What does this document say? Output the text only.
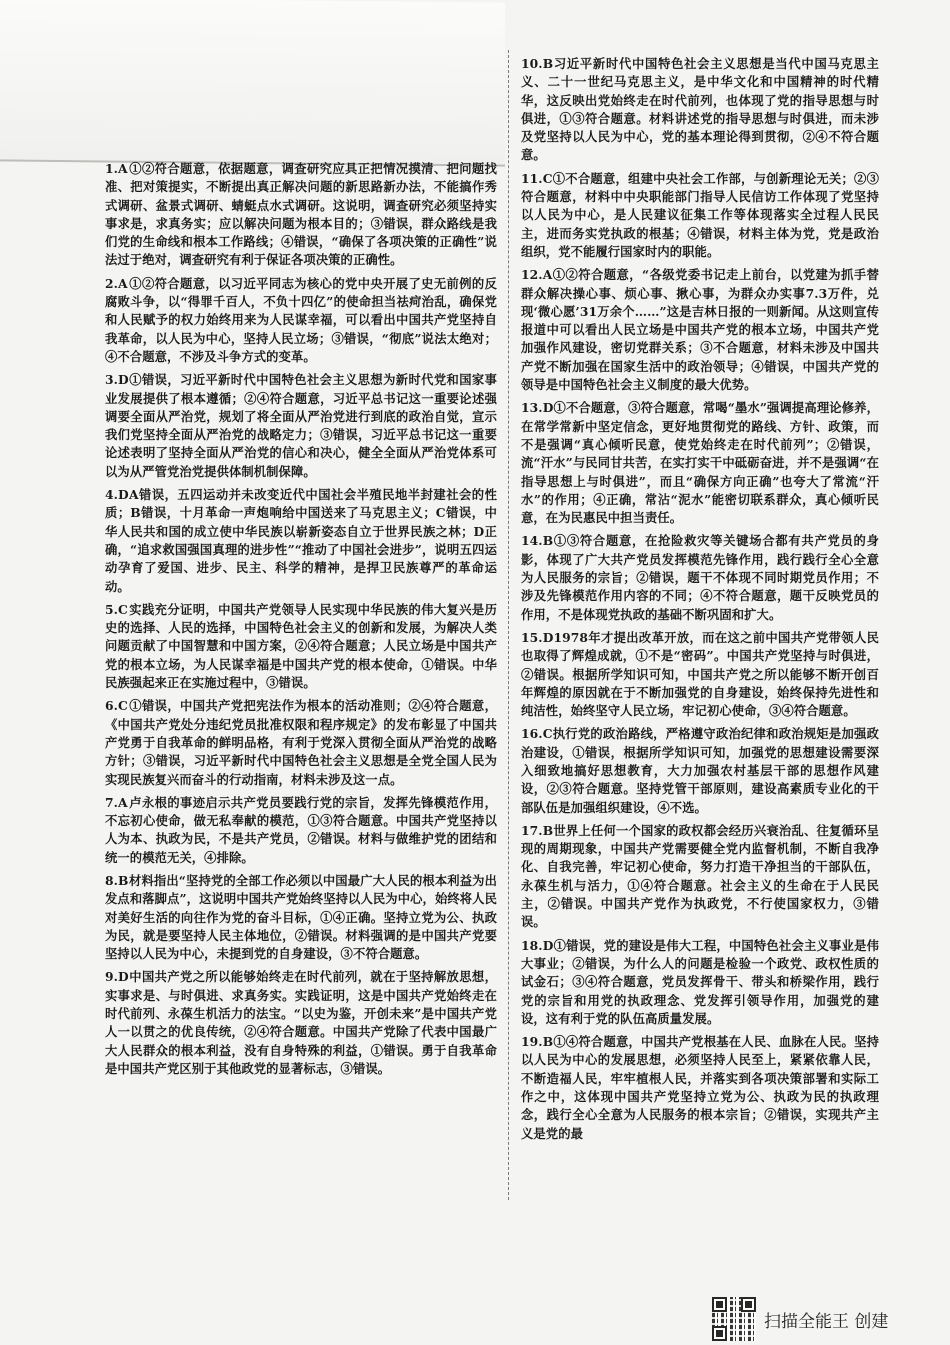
1.A①②符合题意，依据题意，调查研究应具正把情况摸清、把问题找准、把对策提实，不断提出真正解决问题的新思路新办法，不能搞作秀式调研、盆景式调研、蜻蜓点水式调研。这说明，调查研究必须坚持实事求是，求真务实；应以解决问题为根本目的；③错误，群众路线是我们党的生命线和根本工作路线；④错误，“确保了各项决策的正确性”说法过于绝对，调查研究有利于保证各项决策的正确性。
2.A①②符合题意，以习近平同志为核心的党中央开展了史无前例的反腐败斗争，以“得罪千百人，不负十四亿”的使命担当祛疴治乱，确保党和人民赋予的权力始终用来为人民谋幸福，可以看出中国共产党坚持自我革命，以人民为中心，坚持人民立场；③错误，“彻底”说法太绝对；④不合题意，不涉及斗争方式的变革。
3.D①错误，习近平新时代中国特色社会主义思想为新时代党和国家事业发展提供了根本遵循；②④符合题意，习近平总书记这一重要论述强调要全面从严治党，规划了将全面从严治党进行到底的政治自觉，宣示我们党坚持全面从严治党的战略定力；③错误，习近平总书记这一重要论述表明了坚持全面从严治党的信心和决心，健全全面从严治党体系可以为从严管党治党提供体制机制保障。
4.DA错误，五四运动并未改变近代中国社会半殖民地半封建社会的性质；B错误，十月革命一声炮响给中国送来了马克思主义；C错误，中华人民共和国的成立使中华民族以崭新姿态自立于世界民族之林；D正确，“追求救国强国真理的进步性”“推动了中国社会进步”，说明五四运动孕育了爱国、进步、民主、科学的精神，是捍卫民族尊严的革命运动。
5.C实践充分证明，中国共产党领导人民实现中华民族的伟大复兴是历史的选择、人民的选择，中国特色社会主义的创新和发展，为解决人类问题贡献了中国智慧和中国方案，②④符合题意；人民立场是中国共产党的根本立场，为人民谋幸福是中国共产党的根本使命，①错误。中华民族强起来正在实施过程中，③错误。
6.C①错误，中国共产党把宪法作为根本的活动准则；②④符合题意，《中国共产党处分违纪党员批准权限和程序规定》的发布彰显了中国共产党勇于自我革命的鲜明品格，有利于党深入贯彻全面从严治党的战略方针；③错误，习近平新时代中国特色社会主义思想是全党全国人民为实现民族复兴而奋斗的行动指南，材料未涉及这一点。
7.A卢永根的事迹启示共产党员要践行党的宗旨，发挥先锋模范作用，不忘初心使命，做无私奉献的模范，①③符合题意。中国共产党坚持以人为本、执政为民，不是共产党员，②错误。材料与做维护党的团结和统一的模范无关，④排除。
8.B材料指出“坚持党的全部工作必须以中国最广大人民的根本利益为出发点和落脚点”，这说明中国共产党始终坚持以人民为中心，始终将人民对美好生活的向往作为党的奋斗目标，①④正确。坚持立党为公、执政为民，就是要坚持人民主体地位，②错误。材料强调的是中国共产党要坚持以人民为中心，未提到党的自身建设，③不符合题意。
9.D中国共产党之所以能够始终走在时代前列，就在于坚持解放思想，实事求是、与时俱进、求真务实。实践证明，这是中国共产党始终走在时代前列、永葆生机活力的法宝。“以史为鉴，开创未来”是中国共产党人一以贯之的优良传统，②④符合题意。中国共产党除了代表中国最广大人民群众的根本利益，没有自身特殊的利益，①错误。勇于自我革命是中国共产党区别于其他政党的显著标志，③错误。
10.B习近平新时代中国特色社会主义思想是当代中国马克思主义、二十一世纪马克思主义，是中华文化和中国精神的时代精华，这反映出党始终走在时代前列，也体现了党的指导思想与时俱进，①③符合题意。材料讲述党的指导思想与时俱进，而未涉及党坚持以人民为中心，党的基本理论得到贯彻，②④不符合题意。
11.C①不合题意，组建中央社会工作部，与创新理论无关；②③符合题意，材料中中央职能部门指导人民信访工作体现了党坚持以人民为中心，是人民建议征集工作等体现落实全过程人民民主，进而务实党执政的根基；④错误，材料主体为党，党是政治组织，党不能履行国家时内的职能。
12.A①②符合题意，“各级党委书记走上前台，以党建为抓手替群众解决操心事、烦心事、揪心事，为群众办实事7.3万件，兑现‘微心愿’31万余个……”这是吉林日报的一则新闻。从这则宣传报道中可以看出人民立场是中国共产党的根本立场，中国共产党加强作风建设，密切党群关系；③不合题意，材料未涉及中国共产党不断加强在国家生活中的政治领导；④错误，中国共产党的领导是中国特色社会主义制度的最大优势。
13.D①不合题意，③符合题意，常喝“墨水”强调提高理论修养，在常学常新中坚定信念，更好地贯彻党的路线、方针、政策，而不是强调“真心倾听民意，使党始终走在时代前列”；②错误，流“汗水”与民同甘共苦，在实打实干中砥砺奋进，并不是强调“在指导思想上与时俱进”，而且“确保方向正确”也夸大了常流“汗水”的作用；④正确，常沾“泥水”能密切联系群众，真心倾听民意，在为民惠民中担当责任。
14.B①③符合题意，在抢险救灾等关键场合都有共产党员的身影，体现了广大共产党员发挥模范先锋作用，践行践行全心全意为人民服务的宗旨；②错误，题干不体现不同时期党员作用；不涉及先锋模范作用内容的不同；④不符合题意，题干反映党员的作用，不是体现党执政的基础不断巩固和扩大。
15.D1978年才提出改革开放，而在这之前中国共产党带领人民也取得了辉煌成就，①不是“密码”。中国共产党坚持与时俱进，②错误。根据所学知识可知，中国共产党之所以能够不断开创百年辉煌的原因就在于不断加强党的自身建设，始终保持先进性和纯洁性，始终坚守人民立场，牢记初心使命，③④符合题意。
16.C执行党的政治路线，严格遵守政治纪律和政治规矩是加强政治建设，①错误，根据所学知识可知，加强党的思想建设需要深入细致地搞好思想教育，大力加强农村基层干部的思想作风建设，②③符合题意。坚持党管干部原则，建设高素质专业化的干部队伍是加强组织建设，④不选。
17.B世界上任何一个国家的政权都会经历兴衰治乱、往复循环呈现的周期现象，中国共产党需要健全党内监督机制，不断自我净化、自我完善，牢记初心使命，努力打造干净担当的干部队伍，永葆生机与活力，①④符合题意。社会主义的生命在于人民民主，②错误。中国共产党作为执政党，不行使国家权力，③错误。
18.D①错误，党的建设是伟大工程，中国特色社会主义事业是伟大事业；②错误，为什么人的问题是检验一个政党、政权性质的试金石；③④符合题意，党员发挥骨干、带头和桥梁作用，践行党的宗旨和用党的执政理念、党发挥引领导作用，加强党的建设，这有利于党的队伍高质量发展。
19.B①④符合题意，中国共产党根基在人民、血脉在人民。坚持以人民为中心的发展思想，必须坚持人民至上，紧紧依靠人民，不断造福人民，牢牢植根人民，并落实到各项决策部署和实际工作之中，这体现中国共产党坚持立党为公、执政为民的执政理念，践行全心全意为人民服务的根本宗旨；②错误，实现共产主义是党的最
扫描全能王 创建
